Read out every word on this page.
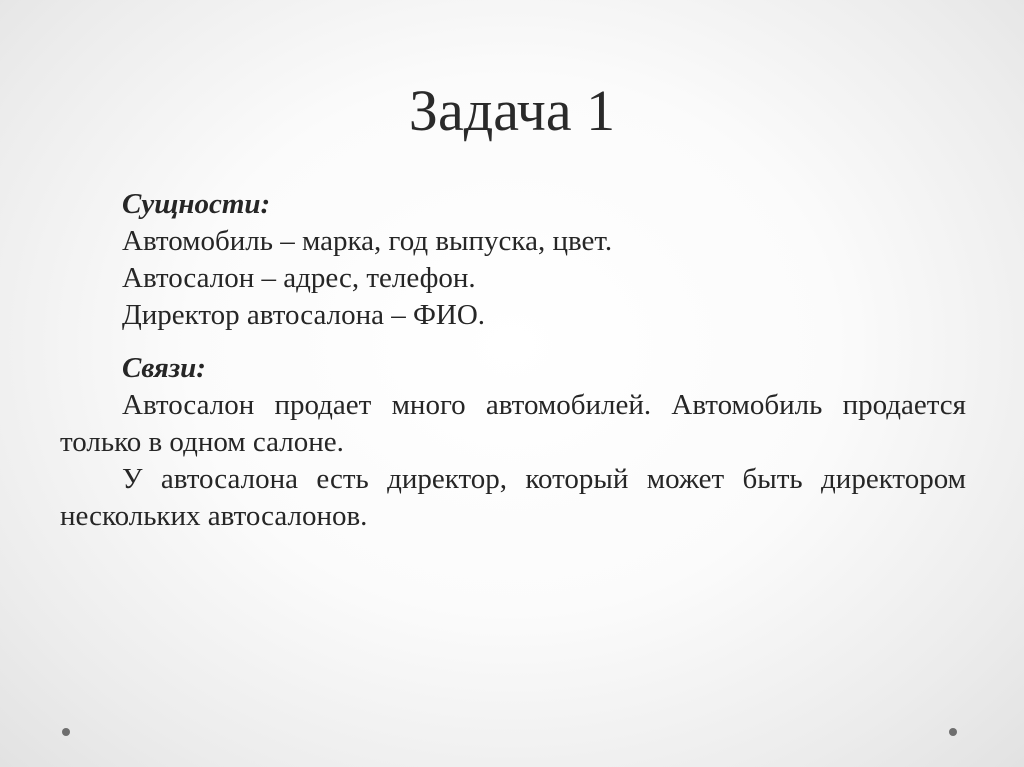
Задача 1

Сущности:

Автомобиль – марка, год выпуска, цвет.

Автосалон – адрес, телефон.

Директор автосалона – ФИО.

Связи:

Автосалон продает много автомобилей. Автомобиль продается только в одном салоне.

У автосалона есть директор, который может быть директором нескольких автосалонов.
